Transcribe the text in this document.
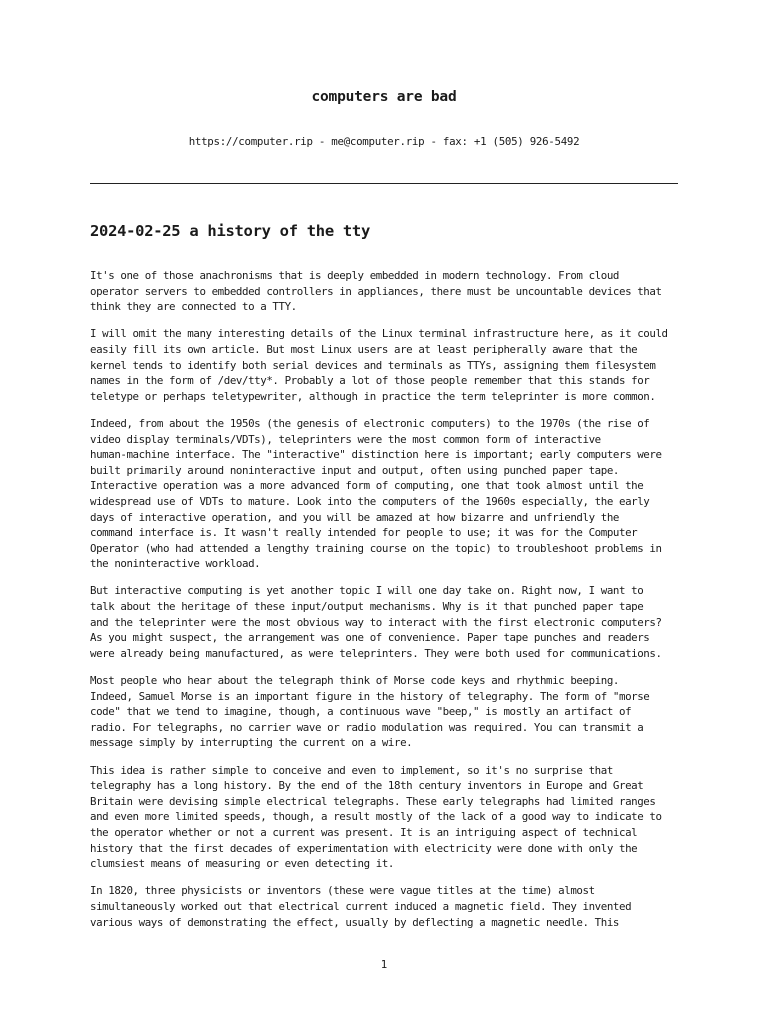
computers are bad

https://computer.rip - me@computer.rip - fax: +1 (505) 926-5492

2024-02-25 a history of the tty

It's one of those anachronisms that is deeply embedded in modern technology. From cloud
operator servers to embedded controllers in appliances, there must be uncountable devices that
think they are connected to a TTY.

I will omit the many interesting details of the Linux terminal infrastructure here, as it could
easily fill its own article. But most Linux users are at least peripherally aware that the
kernel tends to identify both serial devices and terminals as TTYs, assigning them filesystem
names in the form of /dev/tty*. Probably a lot of those people remember that this stands for
teletype or perhaps teletypewriter, although in practice the term teleprinter is more common.

Indeed, from about the 1950s (the genesis of electronic computers) to the 1970s (the rise of
video display terminals/VDTs), teleprinters were the most common form of interactive
human-machine interface. The "interactive" distinction here is important; early computers were
built primarily around noninteractive input and output, often using punched paper tape.
Interactive operation was a more advanced form of computing, one that took almost until the
widespread use of VDTs to mature. Look into the computers of the 1960s especially, the early
days of interactive operation, and you will be amazed at how bizarre and unfriendly the
command interface is. It wasn't really intended for people to use; it was for the Computer
Operator (who had attended a lengthy training course on the topic) to troubleshoot problems in
the noninteractive workload.

But interactive computing is yet another topic I will one day take on. Right now, I want to
talk about the heritage of these input/output mechanisms. Why is it that punched paper tape
and the teleprinter were the most obvious way to interact with the first electronic computers?
As you might suspect, the arrangement was one of convenience. Paper tape punches and readers
were already being manufactured, as were teleprinters. They were both used for communications.

Most people who hear about the telegraph think of Morse code keys and rhythmic beeping.
Indeed, Samuel Morse is an important figure in the history of telegraphy. The form of "morse
code" that we tend to imagine, though, a continuous wave "beep," is mostly an artifact of
radio. For telegraphs, no carrier wave or radio modulation was required. You can transmit a
message simply by interrupting the current on a wire.

This idea is rather simple to conceive and even to implement, so it's no surprise that
telegraphy has a long history. By the end of the 18th century inventors in Europe and Great
Britain were devising simple electrical telegraphs. These early telegraphs had limited ranges
and even more limited speeds, though, a result mostly of the lack of a good way to indicate to
the operator whether or not a current was present. It is an intriguing aspect of technical
history that the first decades of experimentation with electricity were done with only the
clumsiest means of measuring or even detecting it.

In 1820, three physicists or inventors (these were vague titles at the time) almost
simultaneously worked out that electrical current induced a magnetic field. They invented
various ways of demonstrating the effect, usually by deflecting a magnetic needle. This

1
